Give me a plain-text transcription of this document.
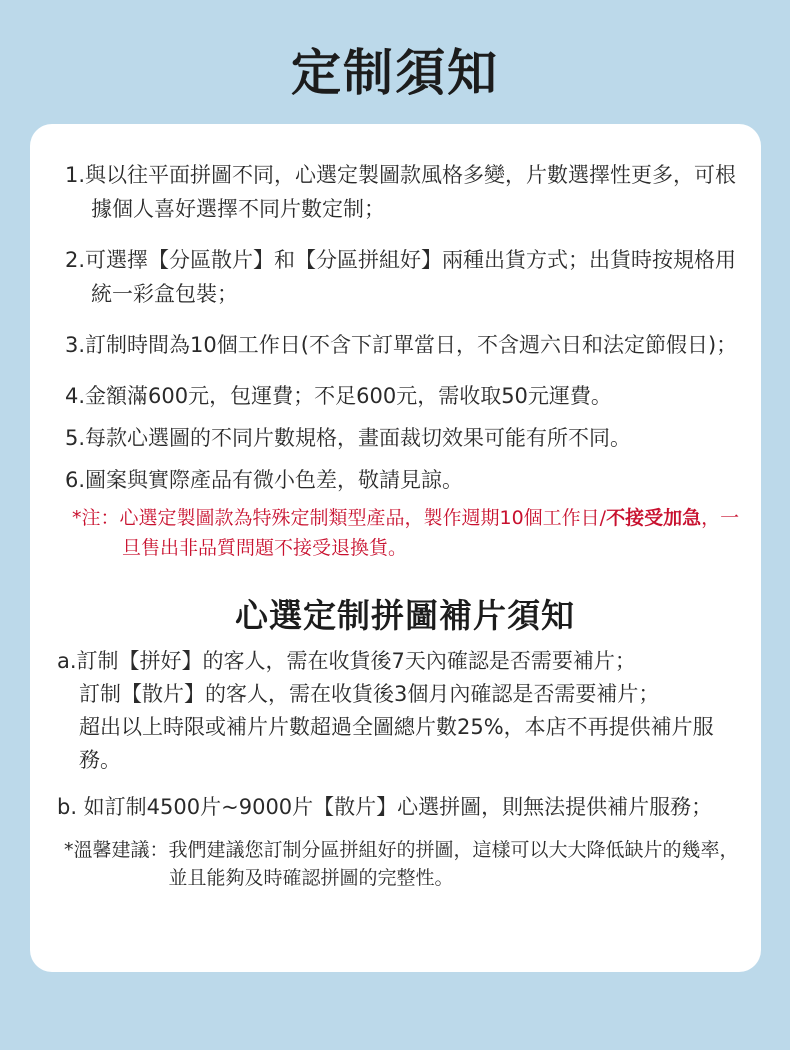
定制須知

1.與以往平面拼圖不同，心選定製圖款風格多變，片數選擇性更多，可根據個人喜好選擇不同片數定制；

2.可選擇【分區散片】和【分區拼組好】兩種出貨方式；出貨時按規格用統一彩盒包裝；

3.訂制時間為10個工作日(不含下訂單當日，不含週六日和法定節假日)；

4.金額滿600元，包運費；不足600元，需收取50元運費。

5.每款心選圖的不同片數規格，畫面裁切效果可能有所不同。

6.圖案與實際產品有微小色差，敬請見諒。

*注：心選定製圖款為特殊定制類型產品，製作週期10個工作日/不接受加急，一旦售出非品質問題不接受退換貨。
心選定制拼圖補片須知
a.訂制【拼好】的客人，需在收貨後7天內確認是否需要補片；
訂制【散片】的客人，需在收貨後3個月內確認是否需要補片；
超出以上時限或補片片數超過全圖總片數25%，本店不再提供補片服務。
b. 如訂制4500片~9000片【散片】心選拼圖，則無法提供補片服務；
*溫馨建議： 我們建議您訂制分區拼組好的拼圖，這樣可以大大降低缺片的幾率，並且能夠及時確認拼圖的完整性。
